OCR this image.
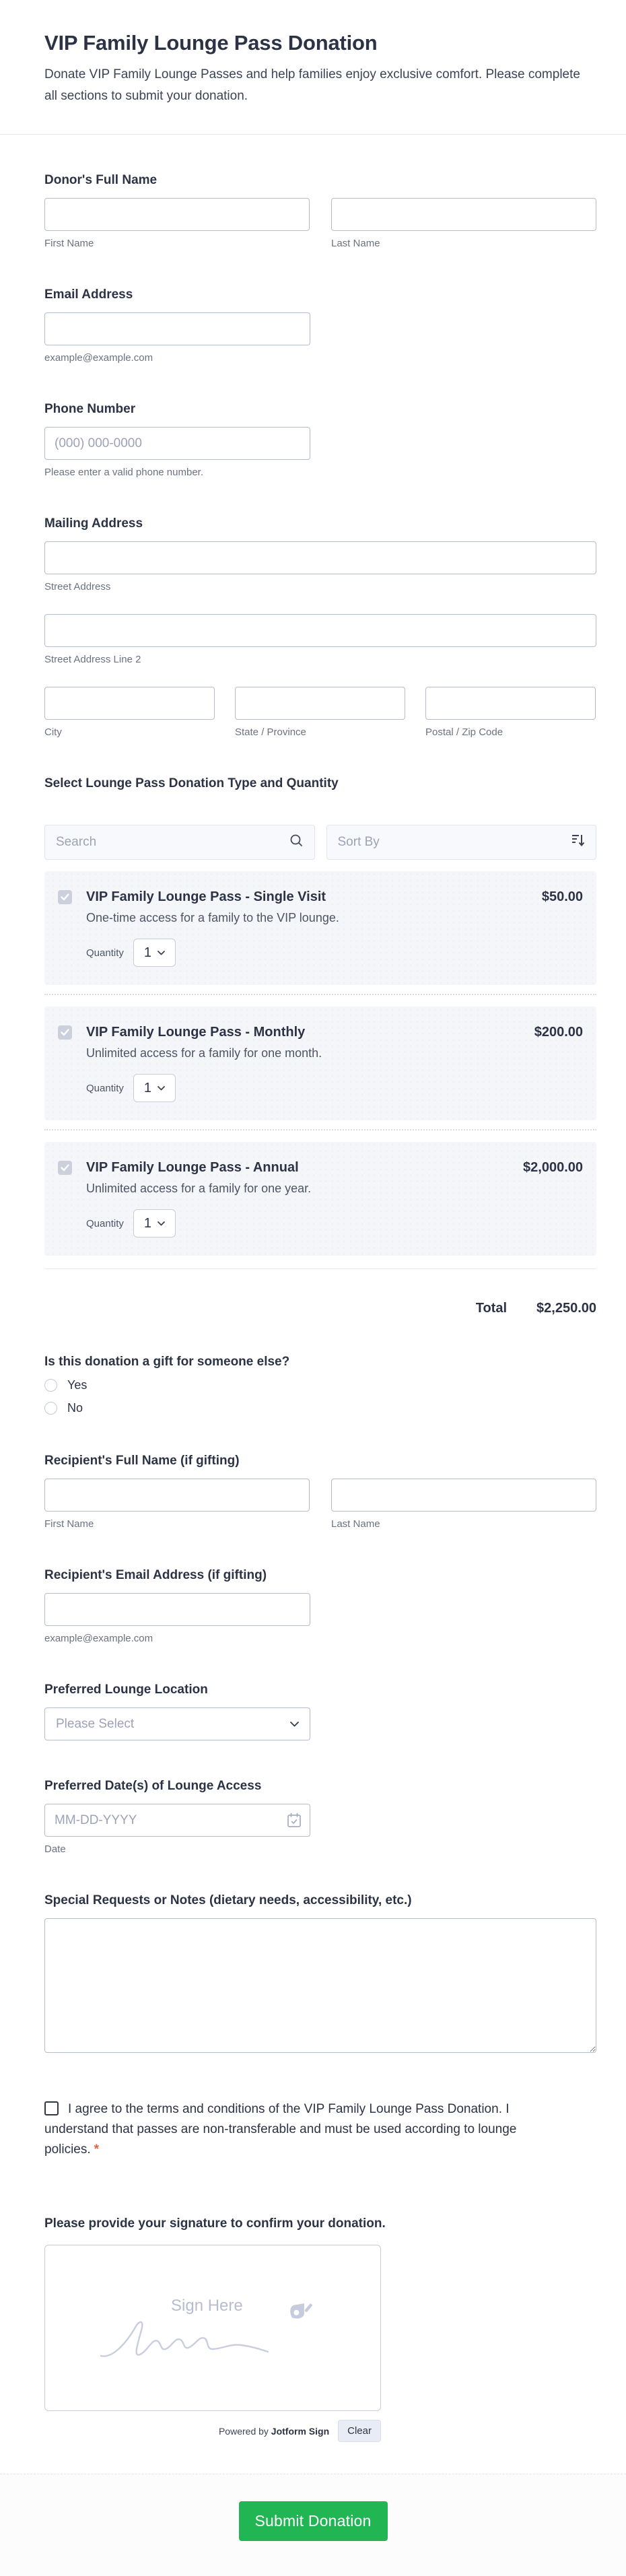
VIP Family Lounge Pass Donation
Donate VIP Family Lounge Passes and help families enjoy exclusive comfort. Please complete all sections to submit your donation.
Donor's Full Name
First Name	Last Name
Email Address
example@example.com
Phone Number
(000) 000-0000
Please enter a valid phone number.
Mailing Address
Street Address
Street Address Line 2
City	State / Province	Postal / Zip Code
Select Lounge Pass Donation Type and Quantity
Search	Sort By
VIP Family Lounge Pass - Single Visit	$50.00
One-time access for a family to the VIP lounge.
Quantity 1
VIP Family Lounge Pass - Monthly	$200.00
Unlimited access for a family for one month.
Quantity 1
VIP Family Lounge Pass - Annual	$2,000.00
Unlimited access for a family for one year.
Quantity 1
Total $2,250.00
Is this donation a gift for someone else?
Yes
No
Recipient's Full Name (if gifting)
First Name	Last Name
Recipient's Email Address (if gifting)
example@example.com
Preferred Lounge Location
Please Select
Preferred Date(s) of Lounge Access
MM-DD-YYYY
Date
Special Requests or Notes (dietary needs, accessibility, etc.)
I agree to the terms and conditions of the VIP Family Lounge Pass Donation. I understand that passes are non-transferable and must be used according to lounge policies. *
Please provide your signature to confirm your donation.
Sign Here
Powered by Jotform Sign	Clear
Submit Donation
